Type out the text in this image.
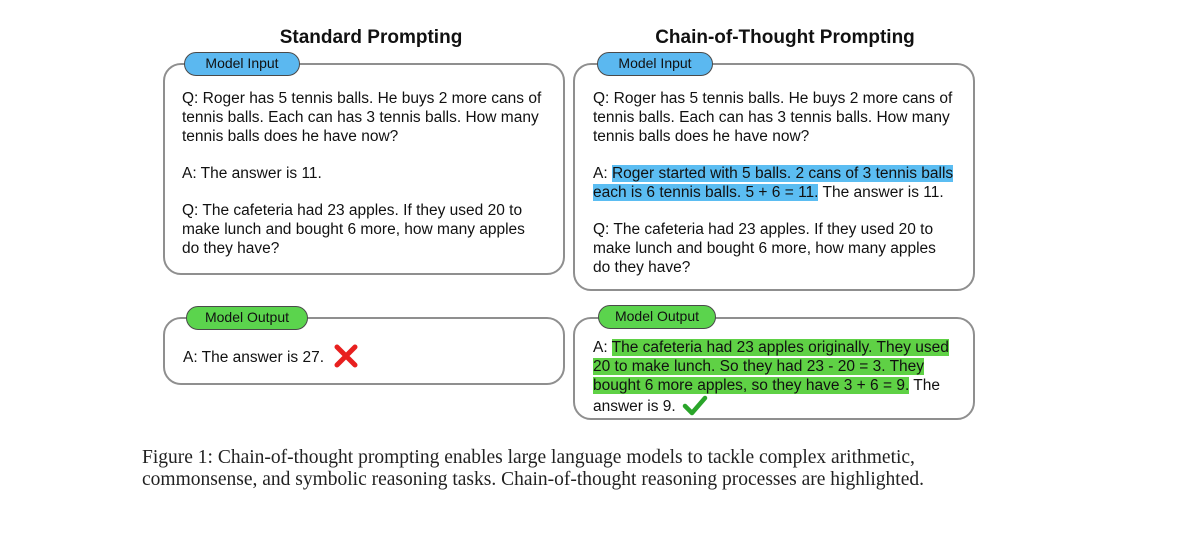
Standard Prompting	Chain-of-Thought Prompting

Q: Roger has 5 tennis balls. He buys 2 more cans of

tennis balls. Each can has 3 tennis balls. How many

tennis balls does he have now?

A: The answer is 11.

Q: The cafeteria had 23 apples. If they used 20 to

make lunch and bought 6 more, how many apples

do they have?

Model Input
A: The answer is 27.
Model Output

Q: Roger has 5 tennis balls. He buys 2 more cans of

tennis balls. Each can has 3 tennis balls. How many

tennis balls does he have now?

A: Roger started with 5 balls. 2 cans of 3 tennis balls

each is 6 tennis balls. 5 + 6 = 11. The answer is 11.

Q: The cafeteria had 23 apples. If they used 20 to

make lunch and bought 6 more, how many apples

do they have?

Model Input

A: The cafeteria had 23 apples originally. They used

20 to make lunch. So they had 23 - 20 = 3. They

bought 6 more apples, so they have 3 + 6 = 9. The

answer is 9.

Model Output
Figure 1: Chain-of-thought prompting enables large language models to tackle complex arithmetic,
commonsense, and symbolic reasoning tasks. Chain-of-thought reasoning processes are highlighted.
